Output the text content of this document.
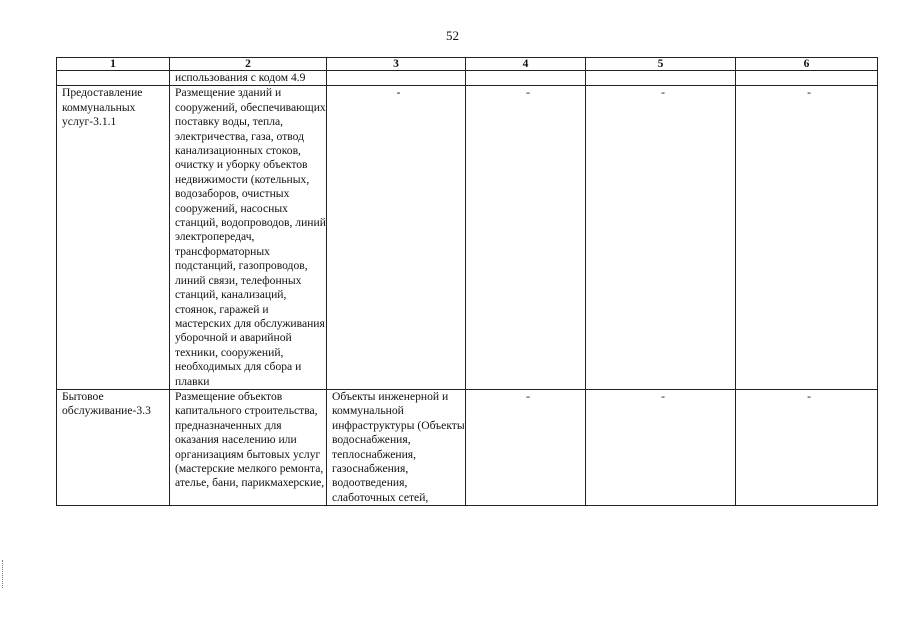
52
1	2	3	4	5	6
	использования с кодом 4.9				
Предоставление коммунальных услуг-3.1.1	Размещение зданий и сооружений, обеспечивающих поставку воды, тепла, электричества, газа, отвод канализационных стоков, очистку и уборку объектов недвижимости (котельных, водозаборов, очистных сооружений, насосных станций, водопроводов, линий электропередач, трансформаторных подстанций, газопроводов, линий связи, телефонных станций, канализаций, стоянок, гаражей и мастерских для обслуживания уборочной и аварийной техники, сооружений, необходимых для сбора и плавки	-	-	-	-
Бытовое обслуживание-3.3	Размещение объектов капитального строительства, предназначенных для оказания населению или организациям бытовых услуг (мастерские мелкого ремонта, ателье, бани, парикмахерские,	Объекты инженерной и коммунальной инфраструктуры (Объекты водоснабжения, теплоснабжения, газоснабжения, водоотведения, слаботочных сетей,	-	-	-
